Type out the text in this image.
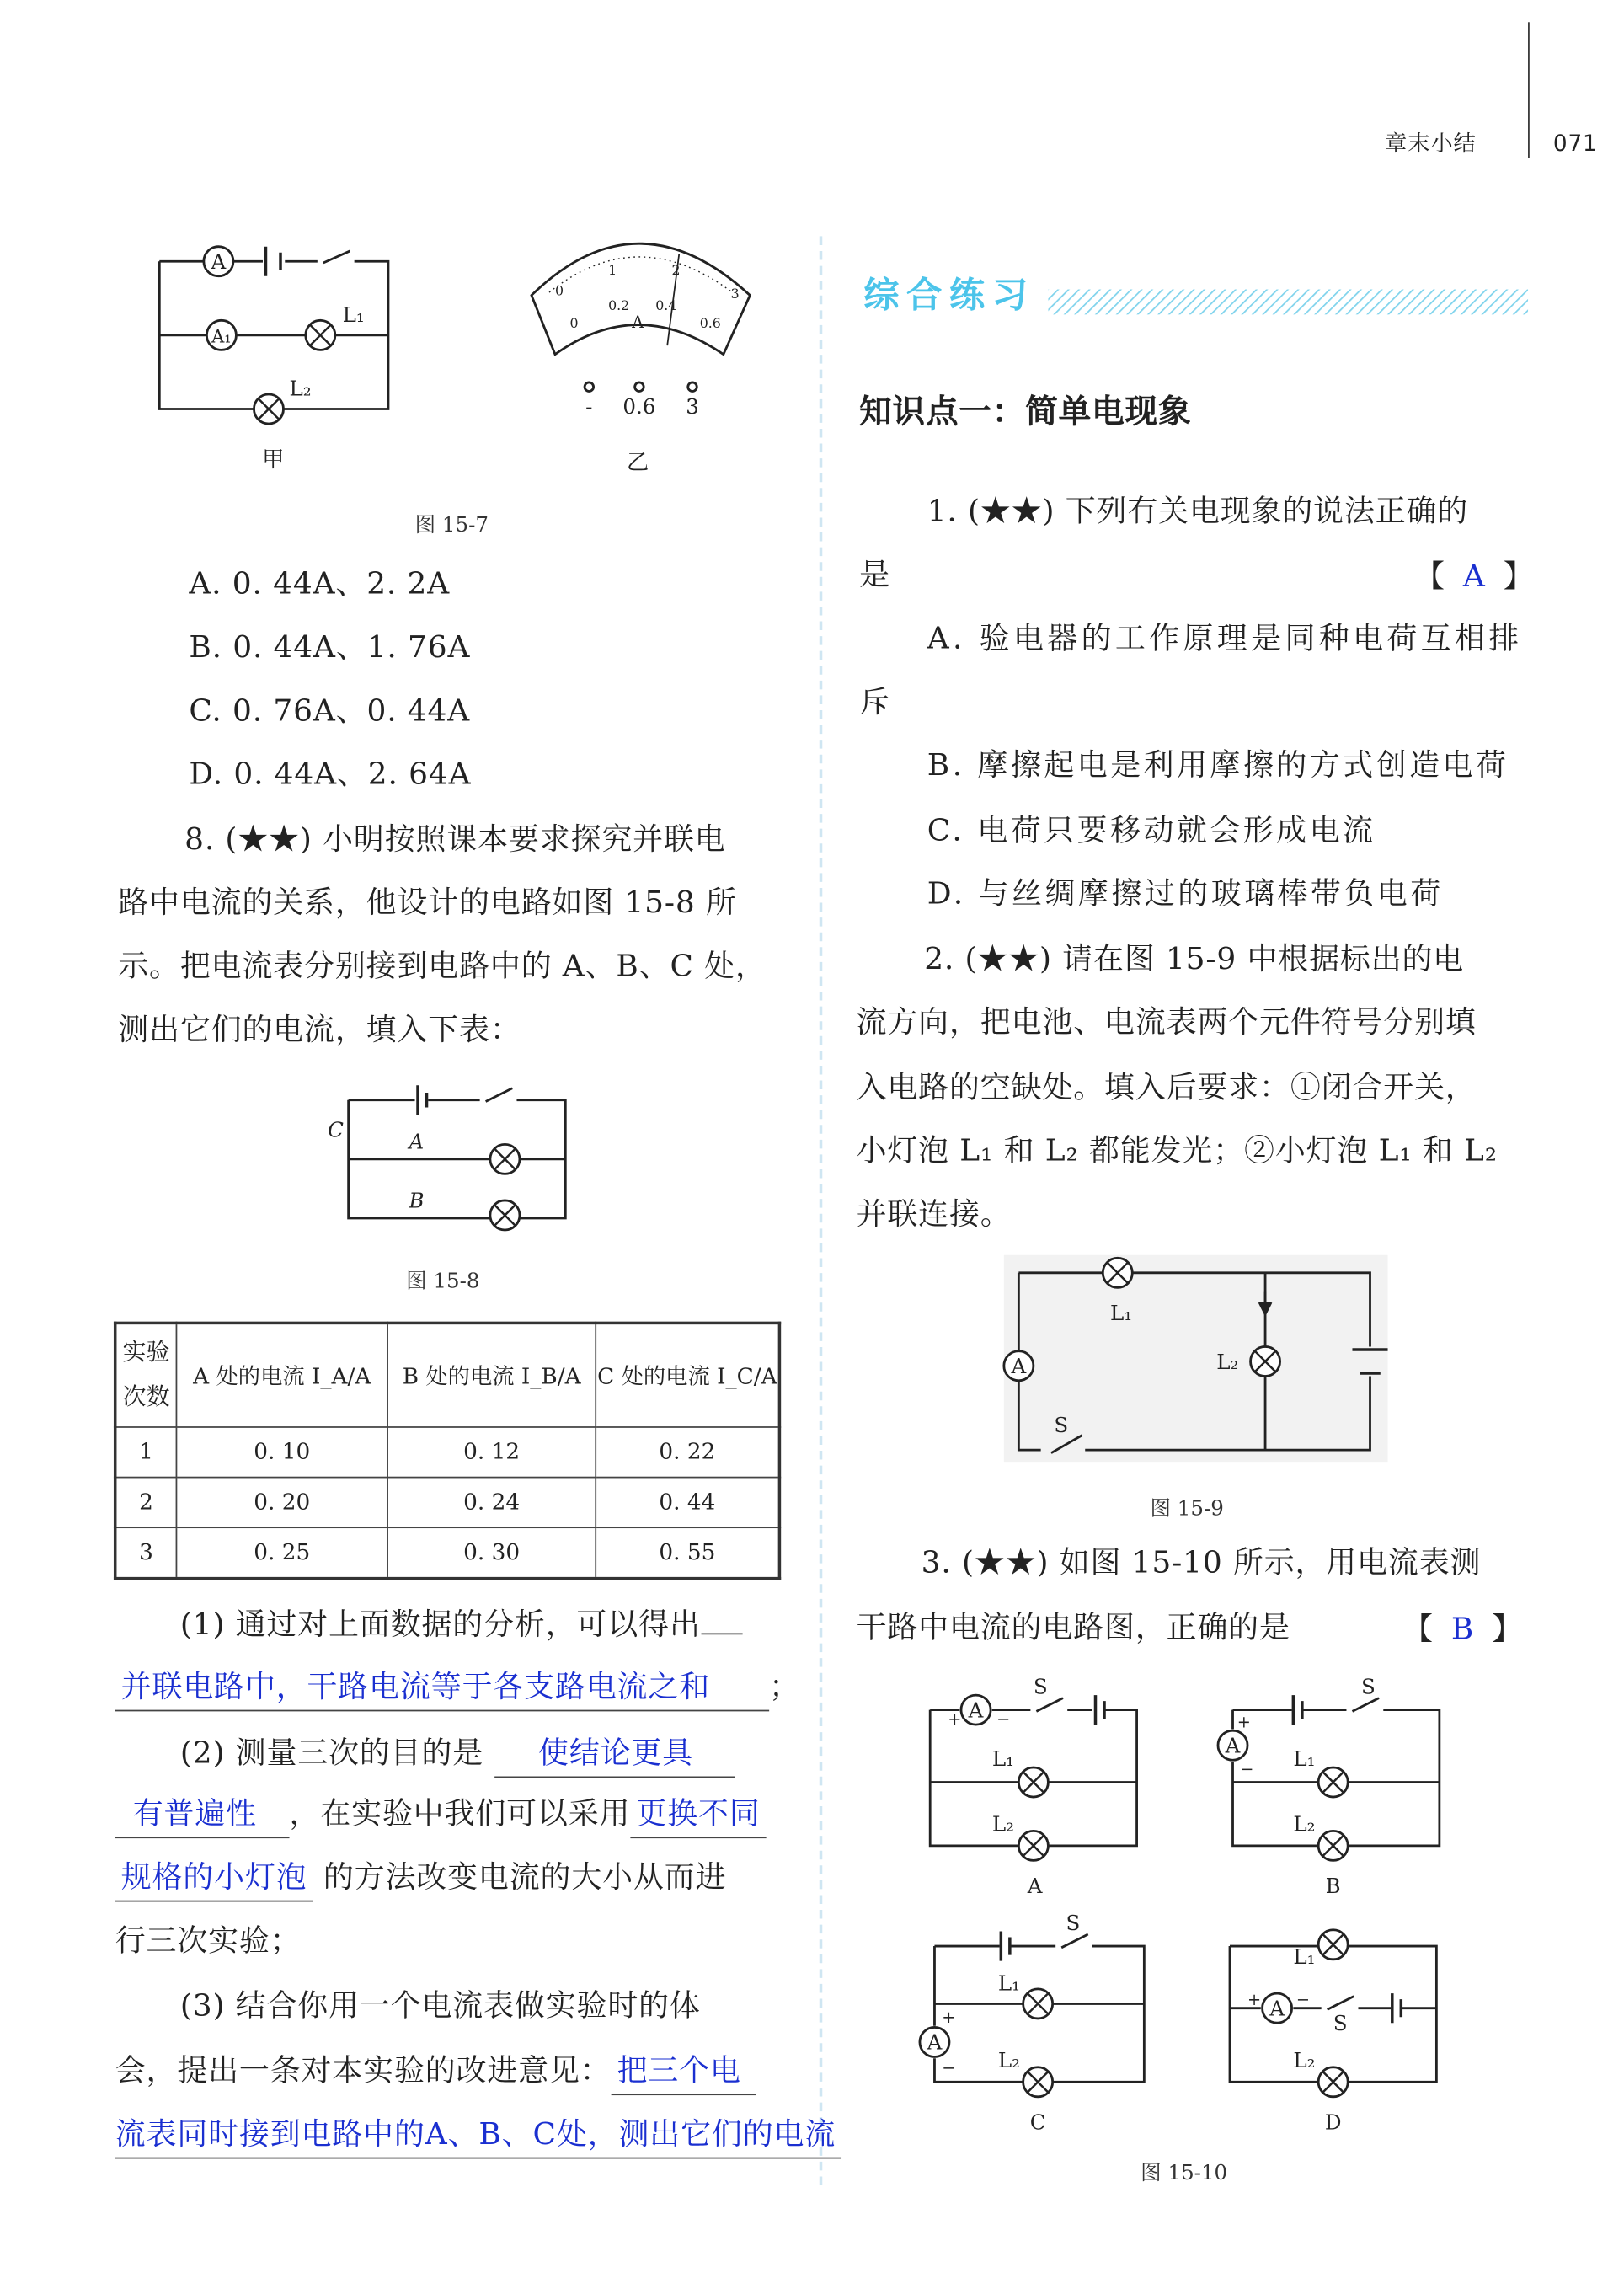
章末小结	071
A
A₁
L₁
L₂
0
1	2
3
0
0.2	0.4
0.6
A
-	0.6	3
甲	乙
图 15-7
C	A
B
图 15-8
A
L₁
L₂
S
图 15-9
A
+	−
S
L₁
L₂
A
A
+
−
S
L₁
L₂
B
A
+
−
S
L₁
L₂
C
A
+	−
S
L₁
L₂
D
图 15-10
A. 0. 44A、2. 2A
B. 0. 44A、1. 76A
C. 0. 76A、0. 44A
D. 0. 44A、2. 64A
8. (★★) 小明按照课本要求探究并联电
路中电流的关系，他设计的电路如图 15-8 所
示。把电流表分别接到电路中的 A、B、C 处，
测出它们的电流，填入下表：
实验次数	A 处的电流 I_A/A	B 处的电流 I_B/A	C 处的电流 I_C/A
1	0. 10	0. 12	0. 22
2	0. 20	0. 24	0. 44
3	0. 25	0. 30	0. 55
(1) 通过对上面数据的分析，可以得出
并联电路中，干路电流等于各支路电流之和	；
(2) 测量三次的目的是	使结论更具
有普遍性 ，在实验中我们可以采用 更换不同
规格的小灯泡 的方法改变电流的大小从而进
行三次实验；
(3) 结合你用一个电流表做实验时的体
会，提出一条对本实验的改进意见： 把三个电
流表同时接到电路中的A、B、C处，测出它们的电流
综合练习
知识点一：简单电现象
1. (★★) 下列有关电现象的说法正确的
是	【 A 】
A. 验电器的工作原理是同种电荷互相排
斥
B. 摩擦起电是利用摩擦的方式创造电荷
C. 电荷只要移动就会形成电流
D. 与丝绸摩擦过的玻璃棒带负电荷
2. (★★) 请在图 15-9 中根据标出的电
流方向，把电池、电流表两个元件符号分别填
入电路的空缺处。填入后要求：①闭合开关，
小灯泡 L₁ 和 L₂ 都能发光；②小灯泡 L₁ 和 L₂
并联连接。
3. (★★) 如图 15-10 所示，用电流表测
干路中电流的电路图，正确的是	【 B 】
